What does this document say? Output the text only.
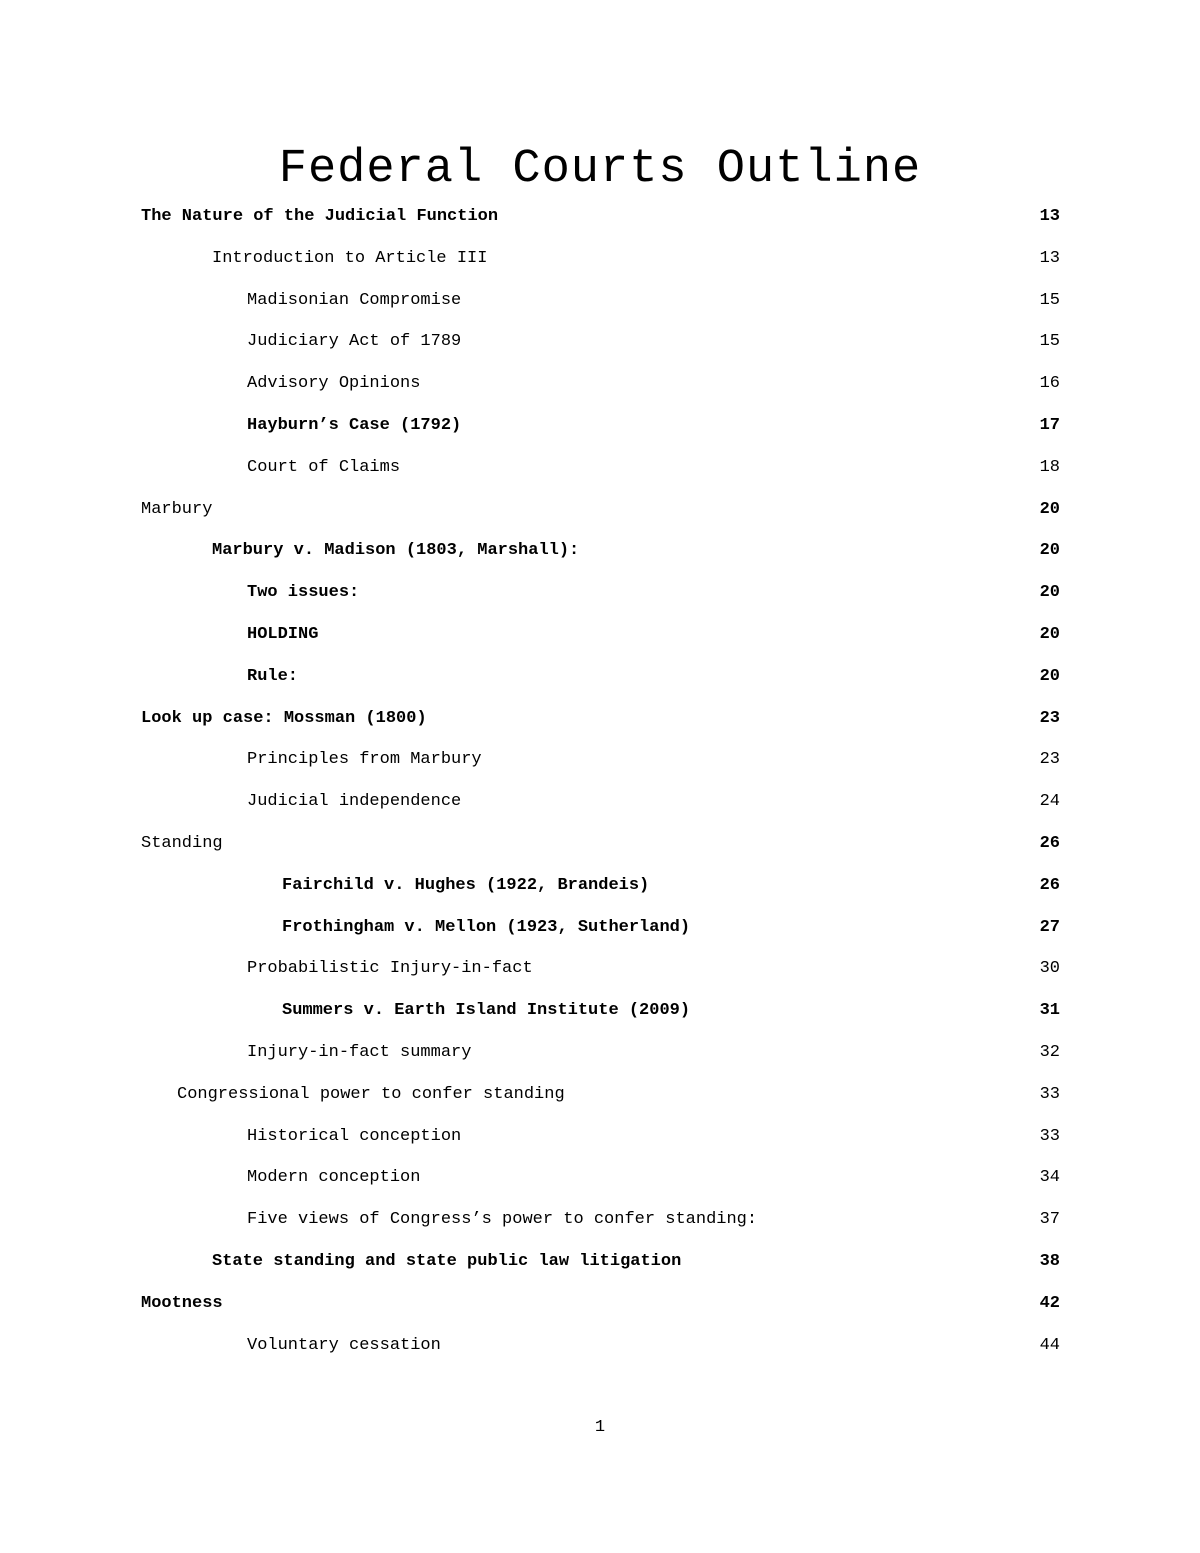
Federal Courts Outline
The Nature of the Judicial Function	13
Introduction to Article III	13
Madisonian Compromise	15
Judiciary Act of 1789	15
Advisory Opinions	16
Hayburn’s Case (1792)	17
Court of Claims	18
Marbury	20
Marbury v. Madison (1803, Marshall):	20
Two issues:	20
HOLDING	20
Rule:	20
Look up case: Mossman (1800)	23
Principles from Marbury	23
Judicial independence	24
Standing	26
Fairchild v. Hughes (1922, Brandeis)	26
Frothingham v. Mellon (1923, Sutherland)	27
Probabilistic Injury-in-fact	30
Summers v. Earth Island Institute (2009)	31
Injury-in-fact summary	32
Congressional power to confer standing	33
Historical conception	33
Modern conception	34
Five views of Congress’s power to confer standing:	37
State standing and state public law litigation	38
Mootness	42
Voluntary cessation	44
1
